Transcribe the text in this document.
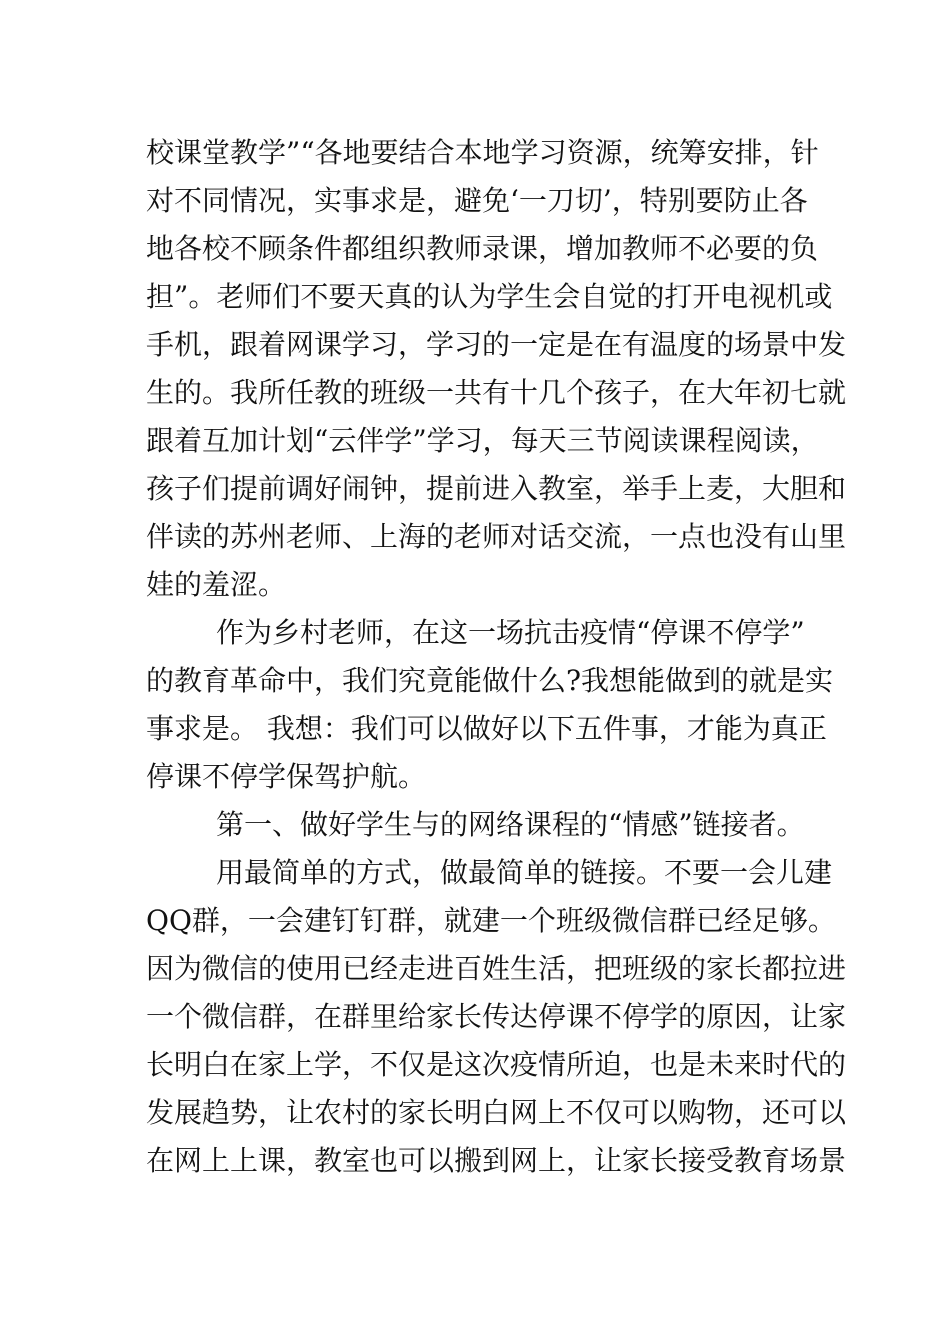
校课堂教学”“各地要结合本地学习资源，统筹安排，针
对不同情况，实事求是，避免‘一刀切’，特别要防止各
地各校不顾条件都组织教师录课，增加教师不必要的负
担”。老师们不要天真的认为学生会自觉的打开电视机或
手机，跟着网课学习，学习的一定是在有温度的场景中发
生的。我所任教的班级一共有十几个孩子，在大年初七就
跟着互加计划“云伴学”学习，每天三节阅读课程阅读，
孩子们提前调好闹钟，提前进入教室，举手上麦，大胆和
伴读的苏州老师、上海的老师对话交流，一点也没有山里
娃的羞涩。
作为乡村老师，在这一场抗击疫情“停课不停学”
的教育革命中，我们究竟能做什么?我想能做到的就是实
事求是。 我想：我们可以做好以下五件事，才能为真正
停课不停学保驾护航。
第一、做好学生与的网络课程的“情感”链接者。
用最简单的方式，做最简单的链接。不要一会儿建
QQ群，一会建钉钉群，就建一个班级微信群已经足够。
因为微信的使用已经走进百姓生活，把班级的家长都拉进
一个微信群，在群里给家长传达停课不停学的原因，让家
长明白在家上学，不仅是这次疫情所迫，也是未来时代的
发展趋势，让农村的家长明白网上不仅可以购物，还可以
在网上上课，教室也可以搬到网上，让家长接受教育场景
